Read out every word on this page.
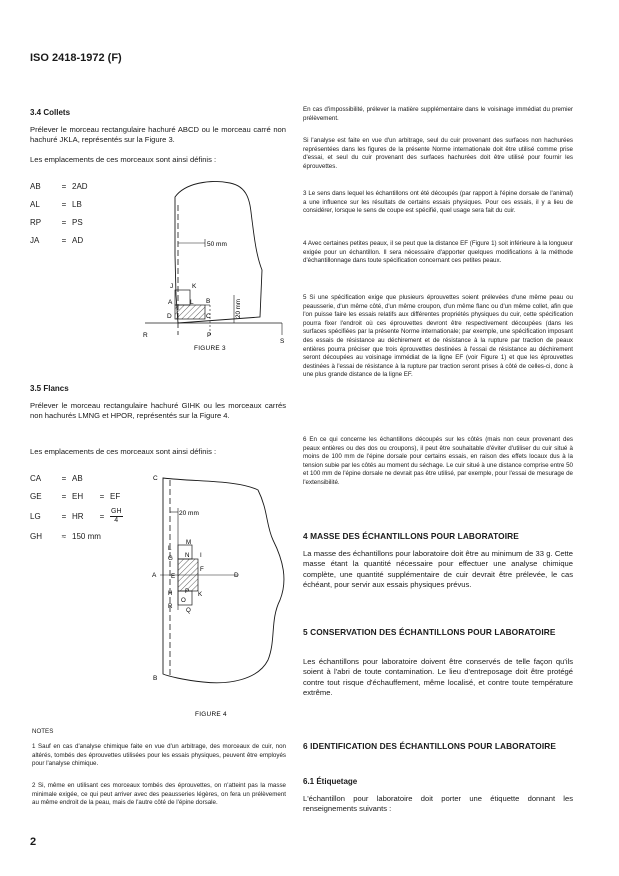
ISO 2418-1972 (F)
3.4 Collets
Prélever le morceau rectangulaire hachuré ABCD ou le morceau carré non hachuré JKLA, représentés sur la Figure 3.
Les emplacements de ces morceaux sont ainsi définis :
AB	= 2AD
AL	= LB
RP	= PS
JA	= AD	50 mm
20 mm
J	K
A	L B
D	C
R	P
S
FIGURE 3
3.5 Flancs
Prélever le morceau rectangulaire hachuré GIHK ou les morceaux carrés non hachurés LMNG et HPOR, représentés sur la Figure 4.
Les emplacements de ces morceaux sont ainsi définis :
CA	= AB
GE	= EH = EF
LG	= HR = $\frac{GH}{4}$
GH ≈ 150 mm
20 mm
C
L
M
G N I
A E
F
D
H P K
R
O
Q
B
FIGURE 4
NOTES
1 Sauf en cas d'analyse chimique faite en vue d'un arbitrage, des morceaux de cuir, non altérés, tombés des éprouvettes utilisées pour les essais physiques, peuvent être employés pour l'analyse chimique.
2 Si, même en utilisant ces morceaux tombés des éprouvettes, on n'atteint pas la masse minimale exigée, ce qui peut arriver avec des peausseries légères, on fera un prélèvement au même endroit de la peau, mais de l'autre côté de l'épine dorsale.
2
En cas d'impossibilité, prélever la matière supplémentaire dans le voisinage immédiat du premier prélèvement.
Si l'analyse est faite en vue d'un arbitrage, seul du cuir provenant des surfaces non hachurées représentées dans les figures de la présente Norme internationale doit être utilisé comme prise d'essai, et seul du cuir provenant des surfaces hachurées doit être utilisé pour fournir les éprouvettes.
3 Le sens dans lequel les échantillons ont été découpés (par rapport à l'épine dorsale de l'animal) a une influence sur les résultats de certains essais physiques. Pour ces essais, il y a lieu de considérer, lorsque le sens de coupe est spécifié, quel usage sera fait du cuir.
4 Avec certaines petites peaux, il se peut que la distance EF (Figure 1) soit inférieure à la longueur exigée pour un échantillon. Il sera nécessaire d'apporter quelques modifications à la méthode d'échantillonnage dans toute spécification concernant ces petites peaux.
5 Si une spécification exige que plusieurs éprouvettes soient prélevées d'une même peau ou peausserie, d'un même côté, d'un même croupon, d'un même flanc ou d'un même collet, afin que l'on puisse faire les essais relatifs aux différentes propriétés physiques du cuir, cette spécification pourra fixer l'endroit où ces éprouvettes devront être respectivement découpées (dans les surfaces spécifiées par la présente Norme internationale; par exemple, une spécification imposant des essais de résistance au déchirement et de résistance à la rupture par traction de peaux entières pourra préciser que trois éprouvettes destinées à l'essai de résistance au déchirement seront découpées au voisinage immédiat de la ligne EF (voir Figure 1) et que les éprouvettes destinées à l'essai de résistance à la rupture par traction seront prises à côté de celles-ci, donc à une plus grande distance de la ligne EF.
6 En ce qui concerne les échantillons découpés sur les côtés (mais non ceux provenant des peaux entières ou des dos ou croupons), il peut être souhaitable d'éviter d'utiliser du cuir situé à moins de 100 mm de l'épine dorsale pour certains essais, en raison des effets locaux dus à la tension subie par les côtés au moment du séchage. Le cuir situé à une distance comprise entre 50 et 100 mm de l'épine dorsale ne devrait pas être utilisé, par exemple, pour l'essai de mesurage de l'extensibilité.
4 MASSE DES ÉCHANTILLONS POUR LABORATOIRE
La masse des échantillons pour laboratoire doit être au minimum de 33 g. Cette masse étant la quantité nécessaire pour effectuer une analyse chimique complète, une quantité supplémentaire de cuir devrait être prélevée, le cas échéant, pour servir aux essais physiques prévus.
5 CONSERVATION DES ÉCHANTILLONS POUR LABORATOIRE
Les échantillons pour laboratoire doivent être conservés de telle façon qu'ils soient à l'abri de toute contamination. Le lieu d'entreposage doit être protégé contre tout risque d'échauffement, même localisé, et contre toute température extrême.
6 IDENTIFICATION DES ÉCHANTILLONS POUR LABORATOIRE
6.1 Étiquetage
L'échantillon pour laboratoire doit porter une étiquette donnant les renseignements suivants :
